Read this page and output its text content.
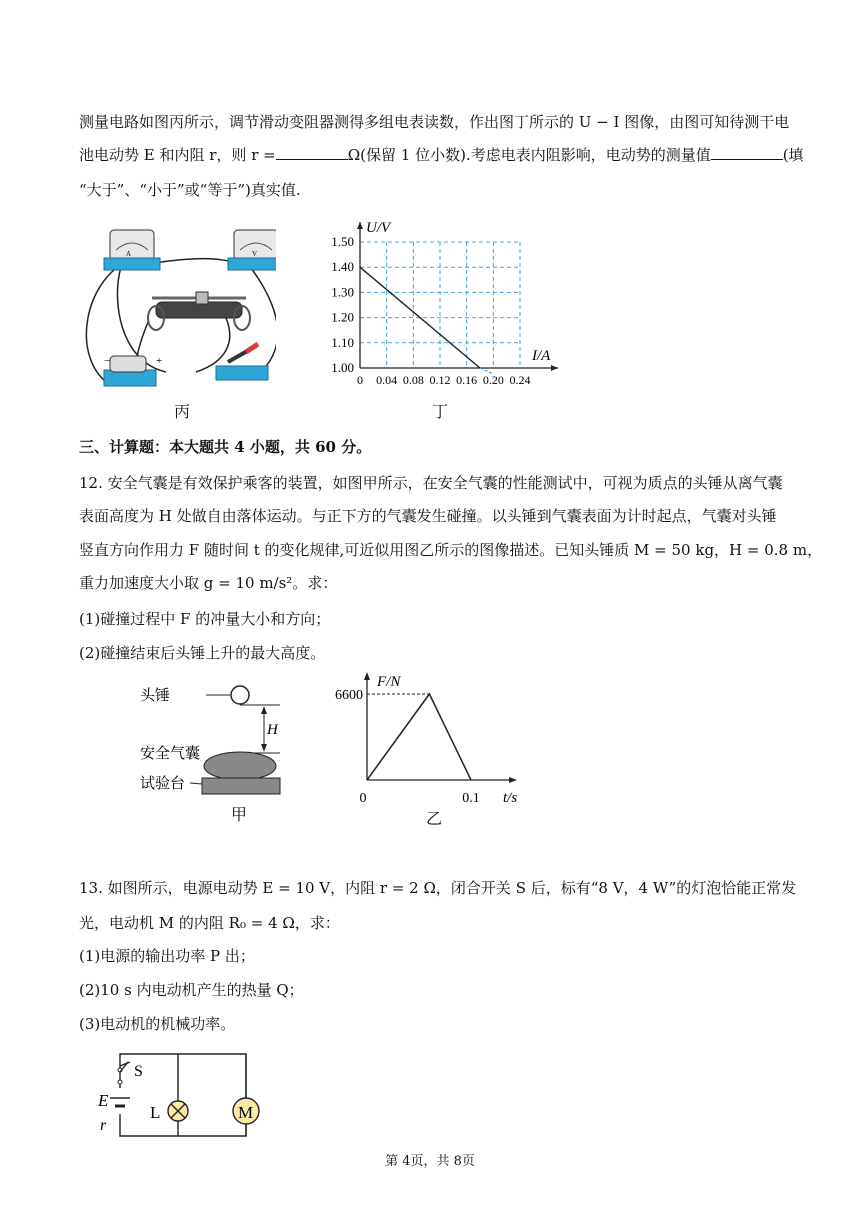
测量电路如图丙所示，调节滑动变阻器测得多组电表读数，作出图丁所示的 U − I 图像，由图可知待测干电
池电动势 E 和内阻 r，则 r =	Ω(保留 1 位小数).考虑电表内阻影响，电动势的测量值	(填
“大于”、“小于”或“等于”)真实值.
A	V
−	+
丙
0 0.04 0.08 0.12 0.16 0.20 0.24
1.00
1.10
1.20
1.30
1.40
1.50
U/V
I/A
丁
三、计算题：本大题共 4 小题，共 60 分。
12. 安全气囊是有效保护乘客的装置，如图甲所示，在安全气囊的性能测试中，可视为质点的头锤从离气囊
表面高度为 H 处做自由落体运动。与正下方的气囊发生碰撞。以头锤到气囊表面为计时起点，气囊对头锤
竖直方向作用力 F 随时间 t 的变化规律,可近似用图乙所示的图像描述。已知头锤质 M = 50 kg，H = 0.8 m，
重力加速度大小取 g = 10 m/s²。求：
(1)碰撞过程中 F 的冲量大小和方向；
(2)碰撞结束后头锤上升的最大高度。
头锤
H
安全气囊
试验台
甲
F/N
t/s
0	0.1
6600
乙
13. 如图所示，电源电动势 E = 10 V，内阻 r = 2 Ω，闭合开关 S 后，标有“8 V，4 W”的灯泡恰能正常发
光，电动机 M 的内阻 R₀ = 4 Ω，求：
(1)电源的输出功率 P 出；
(2)10 s 内电动机产生的热量 Q；
(3)电动机的机械功率。
S
E
r
L	M
第 4页，共 8页
